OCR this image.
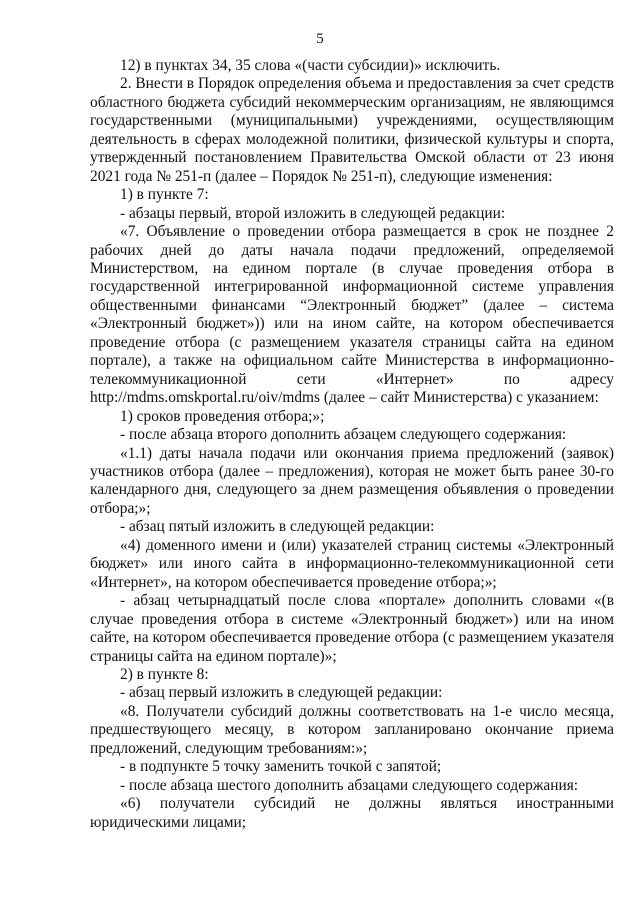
5

12) в пунктах 34, 35 слова «(части субсидии)» исключить.

2. Внести в Порядок определения объема и предоставления за счет средств областного бюджета субсидий некоммерческим организациям, не являющимся государственными (муниципальными) учреждениями, осуществляющим деятельность в сферах молодежной политики, физической культуры и спорта, утвержденный постановлением Правительства Омской области от 23 июня 2021 года № 251-п (далее – Порядок № 251-п), следующие изменения:

1) в пункте 7:

- абзацы первый, второй изложить в следующей редакции:

«7. Объявление о проведении отбора размещается в срок не позднее 2 рабочих дней до даты начала подачи предложений, определяемой Министерством, на едином портале (в случае проведения отбора в государственной интегрированной информационной системе управления общественными финансами “Электронный бюджет” (далее – система «Электронный бюджет»)) или на ином сайте, на котором обеспечивается проведение отбора (с размещением указателя страницы сайта на едином портале), а также на официальном сайте Министерства в информационно-телекоммуникационной сети «Интернет» по адресу http://mdms.omskportal.ru/oiv/mdms (далее – сайт Министерства) с указанием:

1) сроков проведения отбора;»;

- после абзаца второго дополнить абзацем следующего содержания:

«1.1) даты начала подачи или окончания приема предложений (заявок) участников отбора (далее – предложения), которая не может быть ранее 30-го календарного дня, следующего за днем размещения объявления о проведении отбора;»;

- абзац пятый изложить в следующей редакции:

«4) доменного имени и (или) указателей страниц системы «Электронный бюджет» или иного сайта в информационно-телекоммуникационной сети «Интернет», на котором обеспечивается проведение отбора;»;

- абзац четырнадцатый после слова «портале» дополнить словами «(в случае проведения отбора в системе «Электронный бюджет») или на ином сайте, на котором обеспечивается проведение отбора (с размещением указателя страницы сайта на едином портале)»;

2) в пункте 8:

- абзац первый изложить в следующей редакции:

«8. Получатели субсидий должны соответствовать на 1-е число месяца, предшествующего месяцу, в котором запланировано окончание приема предложений, следующим требованиям:»;

- в подпункте 5 точку заменить точкой с запятой;

- после абзаца шестого дополнить абзацами следующего содержания:

«6) получатели субсидий не должны являться иностранными юридическими лицами;
